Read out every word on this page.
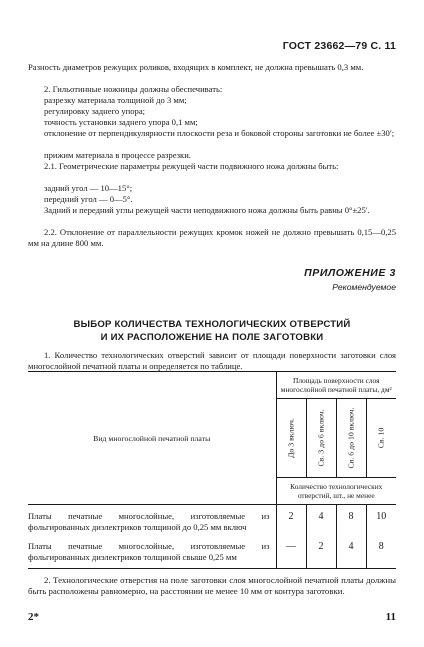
ГОСТ 23662—79 С. 11
Разность диаметров режущих роликов, входящих в комплект, не должна превышать 0,3 мм.
2. Гильотинные ножницы должны обеспечивать:
разрезку материала толщиной до 3 мм;
регулировку заднего упора;
точность установки заднего упора 0,1 мм;
отклонение от перпендикулярности плоскости реза и боковой стороны заготовки не более ±30′;
прижим материала в процессе разрезки.
2.1. Геометрические параметры режущей части подвижного ножа должны быть:
задний угол — 10—15°;
передний угол — 0—5°.
Задний и передний углы режущей части неподвижного ножа должны быть равны 0°±25′.
2.2. Отклонение от параллельности режущих кромок ножей не должно превышать 0,15—0,25 мм на длине 800 мм.
ПРИЛОЖЕНИЕ 3
Рекомендуемое
ВЫБОР КОЛИЧЕСТВА ТЕХНОЛОГИЧЕСКИХ ОТВЕРСТИЙ
И ИХ РАСПОЛОЖЕНИЕ НА ПОЛЕ ЗАГОТОВКИ
1. Количество технологических отверстий зависит от площади поверхности заготовки слоя многослойной печатной платы и определяется по таблице.
Вид многослойной печатной платы	Площадь поверхности слоя многослойной печатной платы, дм²			

	До 3 включ.	Св. 3 до 6 включ.	Св. 6 до 10 включ.	Св. 10

	Количество технологических отверстий, шт., не менее			
Платы печатные многослойные, изготовляемые из фольгированных диэлектриков толщиной до 0,25 мм включ	2	4	8	10
Платы печатные многослойные, изготовляемые из фольгированных диэлектриков толщиной свыше 0,25 мм	—	2	4	8
2. Технологические отверстия на поле заготовки слоя многослойной печатной платы должны быть расположены равномерно, на расстоянии не менее 10 мм от контура заготовки.
2*	11
